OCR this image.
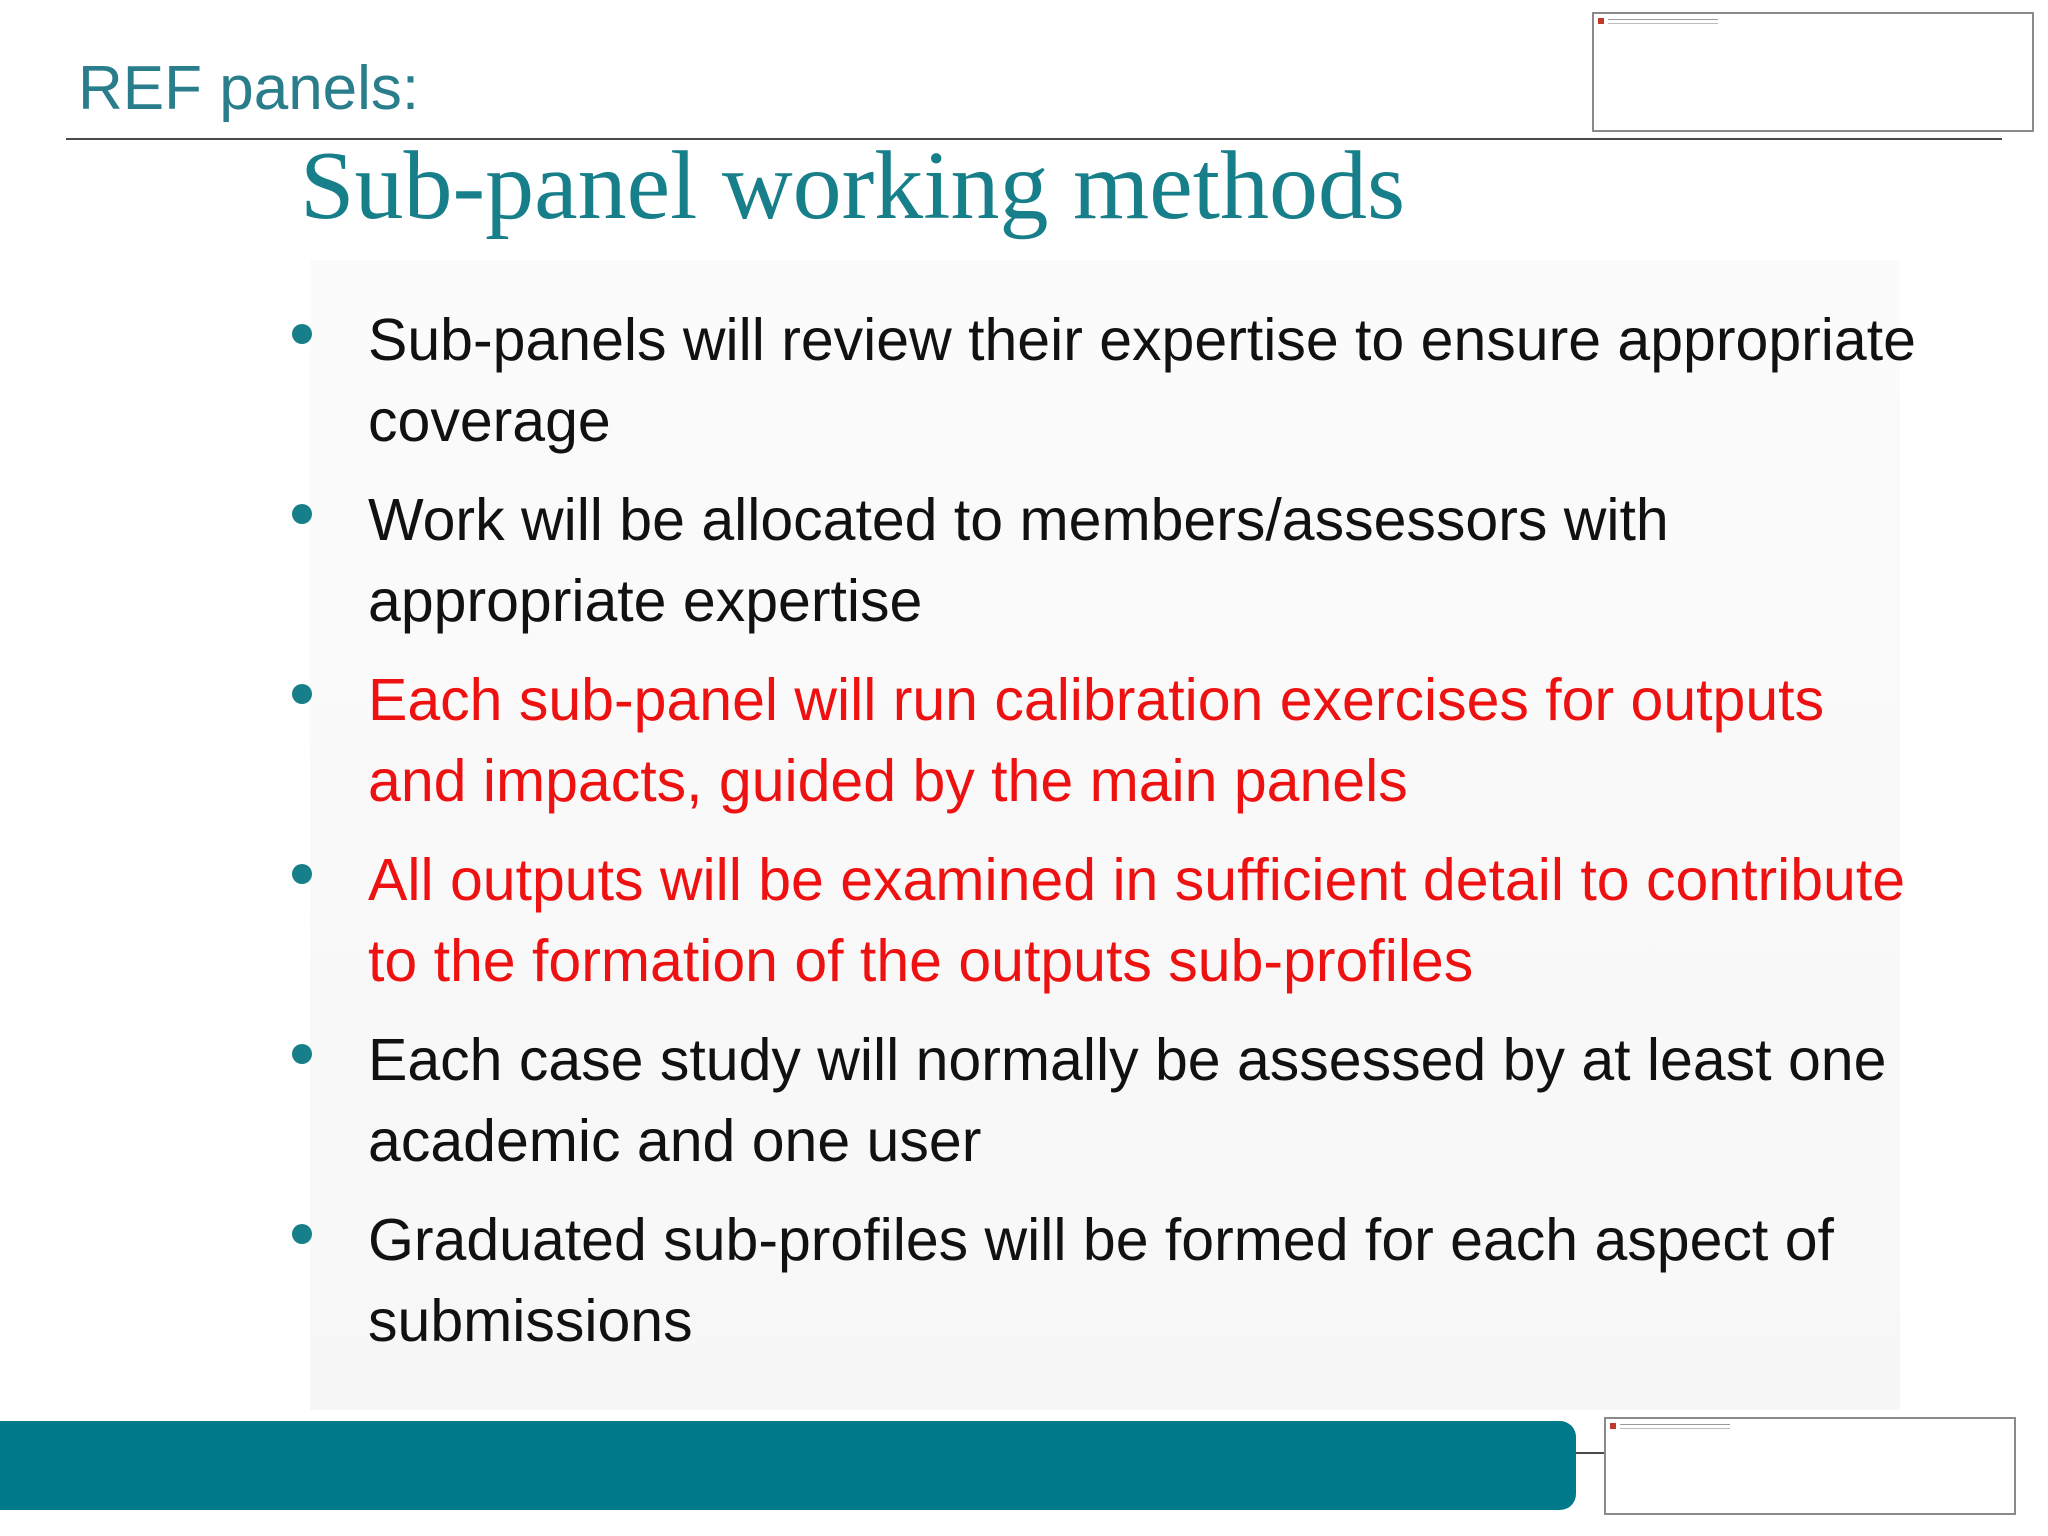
REF panels:
Sub-panel working methods
Sub-panels will review their expertise to ensure appropriate coverage
Work will be allocated to members/assessors with appropriate expertise
Each sub-panel will run calibration exercises for outputs and impacts, guided by the main panels
All outputs will be examined in sufficient detail to contribute to the formation of the outputs sub-profiles
Each case study will normally be assessed by at least one academic and one user
Graduated sub-profiles will be formed for each aspect of submissions
